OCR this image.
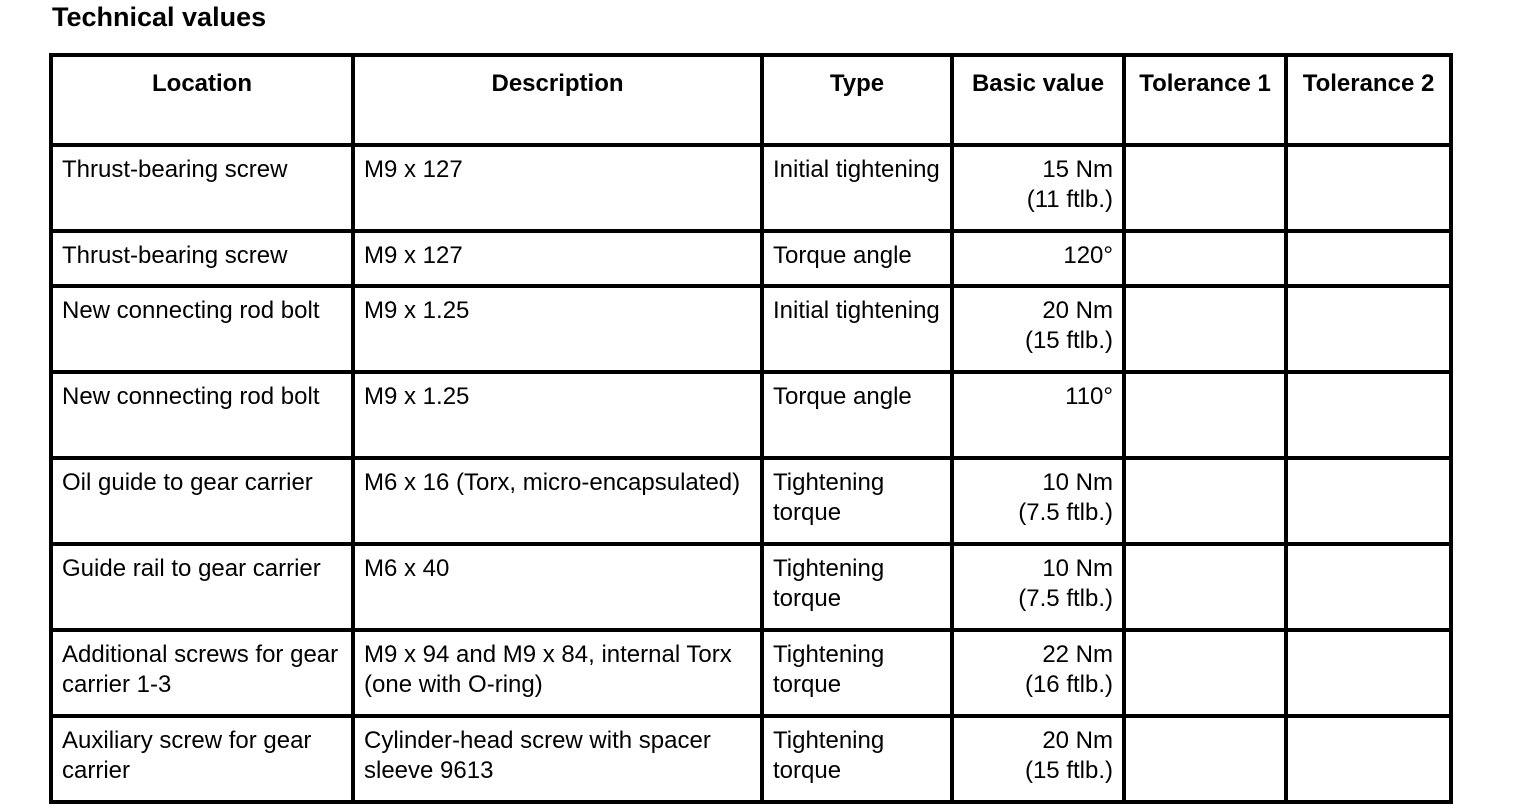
Technical values
Location	Description	Type	Basic value	Tolerance 1	Tolerance 2
Thrust-bearing screw	M9 x 127	Initial tightening	15 Nm
(11 ftlb.)		

Thrust-bearing screw	M9 x 127	Torque angle	120°		

New connecting rod bolt	M9 x 1.25	Initial tightening	20 Nm
(15 ftlb.)		

New connecting rod bolt	M9 x 1.25	Torque angle	110°		

Oil guide to gear carrier	M6 x 16 (Torx, micro-encapsulated)	Tightening torque	10 Nm
(7.5 ftlb.)		

Guide rail to gear carrier	M6 x 40	Tightening torque	10 Nm
(7.5 ftlb.)		

Additional screws for gear carrier 1-3	M9 x 94 and M9 x 84, internal Torx (one with O-ring)	Tightening torque	22 Nm
(16 ftlb.)		

Auxiliary screw for gear carrier	Cylinder-head screw with spacer sleeve 9613	Tightening torque	20 Nm
(15 ftlb.)		
